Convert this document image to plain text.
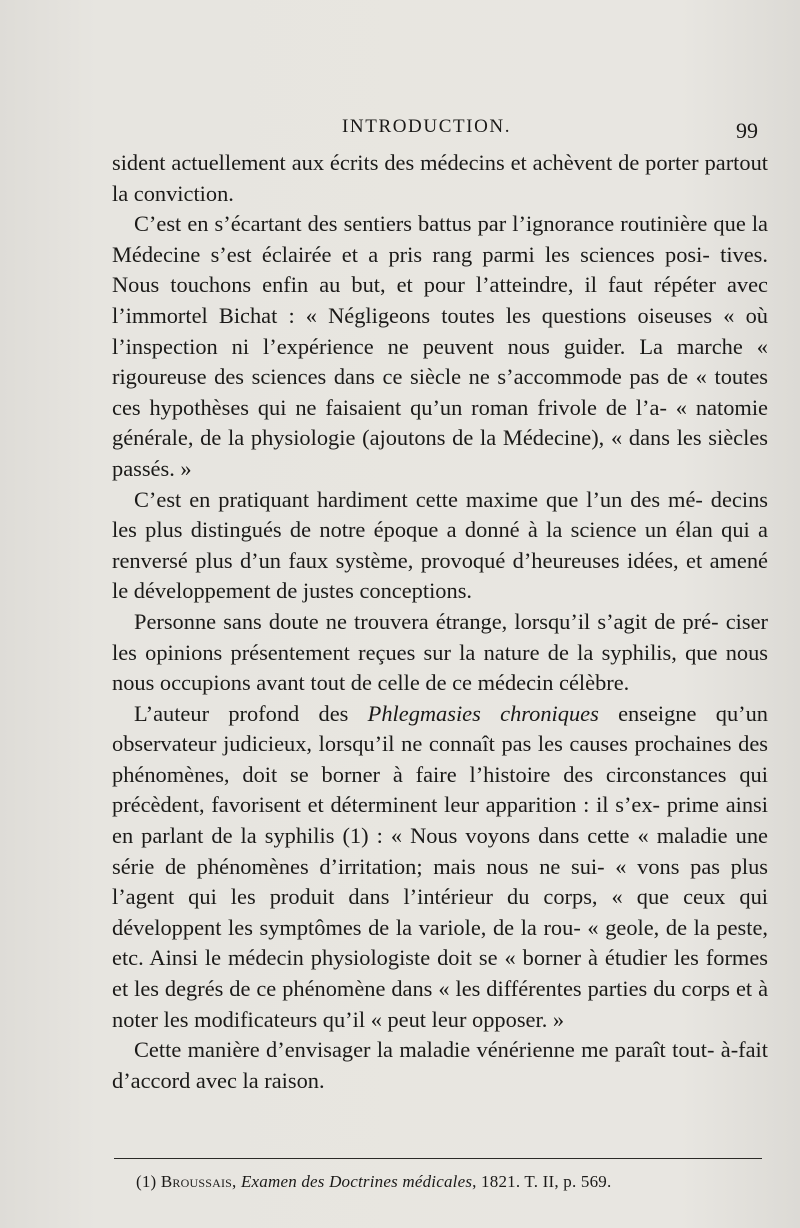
INTRODUCTION.	99

sident actuellement aux écrits des médecins et achèvent de porter partout la conviction.

C’est en s’écartant des sentiers battus par l’ignorance routinière que la Médecine s’est éclairée et a pris rang parmi les sciences posi- tives. Nous touchons enfin au but, et pour l’atteindre, il faut répéter avec l’immortel Bichat : « Négligeons toutes les questions oiseuses « où l’inspection ni l’expérience ne peuvent nous guider. La marche « rigoureuse des sciences dans ce siècle ne s’accommode pas de « toutes ces hypothèses qui ne faisaient qu’un roman frivole de l’a- « natomie générale, de la physiologie (ajoutons de la Médecine), « dans les siècles passés. »

C’est en pratiquant hardiment cette maxime que l’un des mé- decins les plus distingués de notre époque a donné à la science un élan qui a renversé plus d’un faux système, provoqué d’heureuses idées, et amené le développement de justes conceptions.

Personne sans doute ne trouvera étrange, lorsqu’il s’agit de pré- ciser les opinions présentement reçues sur la nature de la syphilis, que nous nous occupions avant tout de celle de ce médecin célèbre.

L’auteur profond des Phlegmasies chroniques enseigne qu’un observateur judicieux, lorsqu’il ne connaît pas les causes prochaines des phénomènes, doit se borner à faire l’histoire des circonstances qui précèdent, favorisent et déterminent leur apparition : il s’ex- prime ainsi en parlant de la syphilis (1) : « Nous voyons dans cette « maladie une série de phénomènes d’irritation; mais nous ne sui- « vons pas plus l’agent qui les produit dans l’intérieur du corps, « que ceux qui développent les symptômes de la variole, de la rou- « geole, de la peste, etc. Ainsi le médecin physiologiste doit se « borner à étudier les formes et les degrés de ce phénomène dans « les différentes parties du corps et à noter les modificateurs qu’il « peut leur opposer. »

Cette manière d’envisager la maladie vénérienne me paraît tout- à-fait d’accord avec la raison.

(1) Broussais, Examen des Doctrines médicales, 1821. T. II, p. 569.
